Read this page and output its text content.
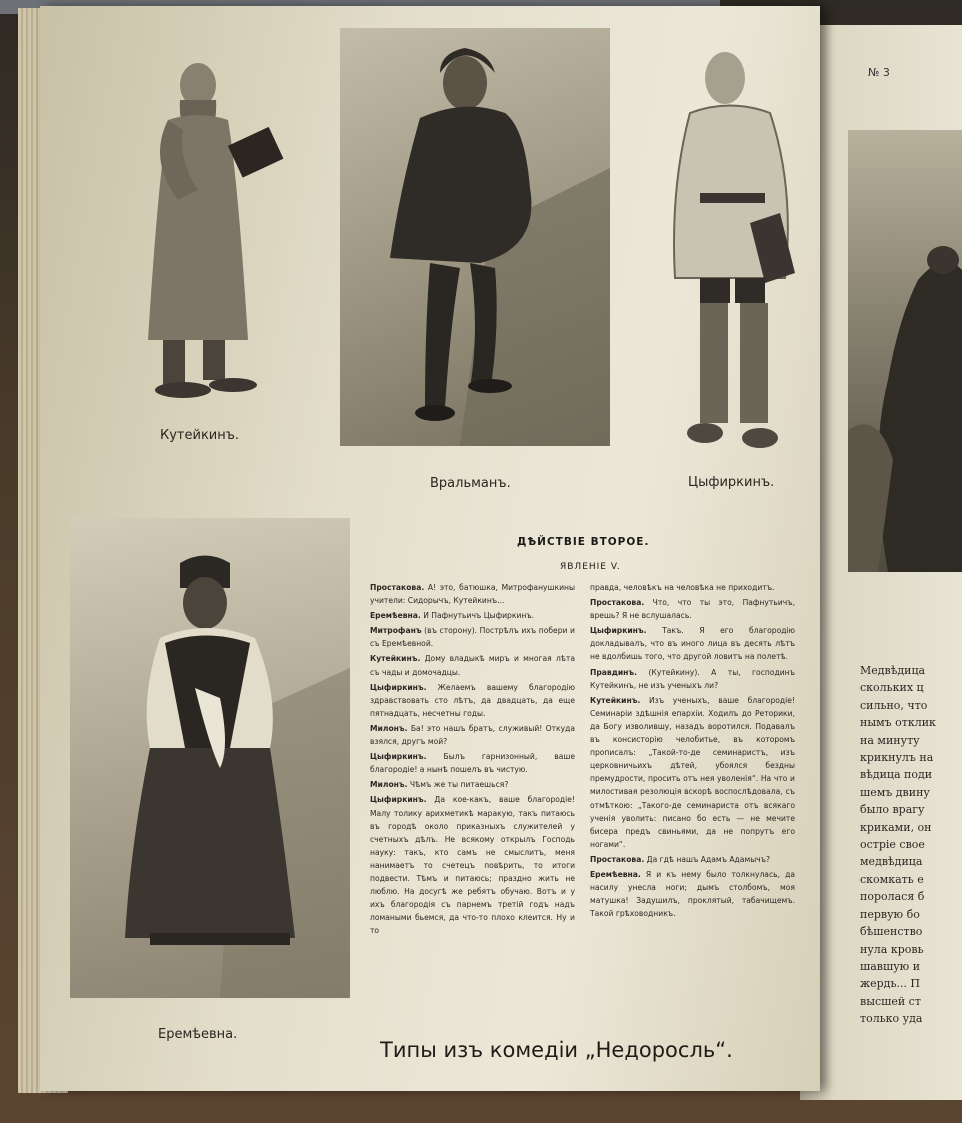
Кутейкинъ.
Вральманъ.	Цыфиркинъ.
Еремѣевна.
№ 3
ДѢЙСТВІЕ ВТОРОЕ.
ЯВЛЕНІЕ V.

Простакова. А! это, батюшка, Митрофанушкины учители: Сидорычъ, Кутейкинъ...

Еремѣевна. И Пафнутьичъ Цыфиркинъ.

Митрофанъ (въ сторону). Пострѣлъ ихъ побери и съ Еремѣевной.

Кутейкинъ. Дому владыкѣ миръ и многая лѣта съ чады и домочадцы.

Цыфиркинъ. Желаемъ вашему благородію здравствовать сто лѣтъ, да двадцать, да еще пятнадцать, несчетны годы.

Милонъ. Ба! это нашъ братъ, служивый! Откуда взялся, другъ мой?

Цыфиркинъ. Былъ гарнизонный, ваше благородіе! а нынѣ пошелъ въ чистую.

Милонъ. Чѣмъ же ты питаешься?

Цыфиркинъ. Да кое-какъ, ваше благородіе! Малу толику арихметикѣ маракую, такъ питаюсь въ городѣ около приказныхъ служителей у счетныхъ дѣлъ. Не всякому открылъ Господь науку: такъ, кто самъ не смыслитъ, меня нанимаетъ то счетецъ повѣрить, то итоги подвести. Тѣмъ и питаюсь; праздно жить не люблю. На досугѣ же ребятъ обучаю. Вотъ и у ихъ благородія съ парнемъ третій годъ надъ ломаными бьемся, да что-то плохо клеится. Ну и то

правда, человѣкъ на человѣка не приходитъ.

Простакова. Что, что ты это, Пафнутьичъ, врешь? Я не вслушалась.

Цыфиркинъ. Такъ. Я его благородію докладывалъ, что въ иного лица въ десять лѣтъ не вдолбишь того, что другой ловитъ на полетѣ.

Правдинъ. (Кутейкину). А ты, господинъ Кутейкинъ, не изъ ученыхъ ли?

Кутейкинъ. Изъ ученыхъ, ваше благородіе! Семинаріи здѣшнія епархіи. Ходилъ до Реторики, да Богу изволившу, назадъ воротился. Подавалъ въ консисторію челобитье, въ которомъ прописалъ: „Такой-то-де семинаристъ, изъ церковничьихъ дѣтей, убоялся бездны премудрости, просить отъ нея уволенія“. На что и милостивая резолюція вскорѣ воспослѣдовала, съ отмѣткою: „Такого-де семинариста отъ всякаго ученія уволить: писано бо есть — не мечите бисера предъ свиньями, да не попрутъ его ногами“.

Простакова. Да гдѣ нашъ Адамъ Адамычъ?

Еремѣевна. Я и къ нему было толкнулась, да насилу унесла ноги; дымъ столбомъ, моя матушка! Задушилъ, проклятый, табачищемъ. Такой грѣховодникъ.

Медвѣдица
скольких ц
сильно, что
нымъ отклик
на минуту
крикнулъ на
вѣдица поди
шемъ двину
было врагу
криками, он
острiе свое
медвѣдица
скомкать е
поролася б
первую бо
бѣшенство
нула кровь
шавшую и
жердь... П
высшей ст
только уда
Типы изъ комедіи „Недоросль“.
